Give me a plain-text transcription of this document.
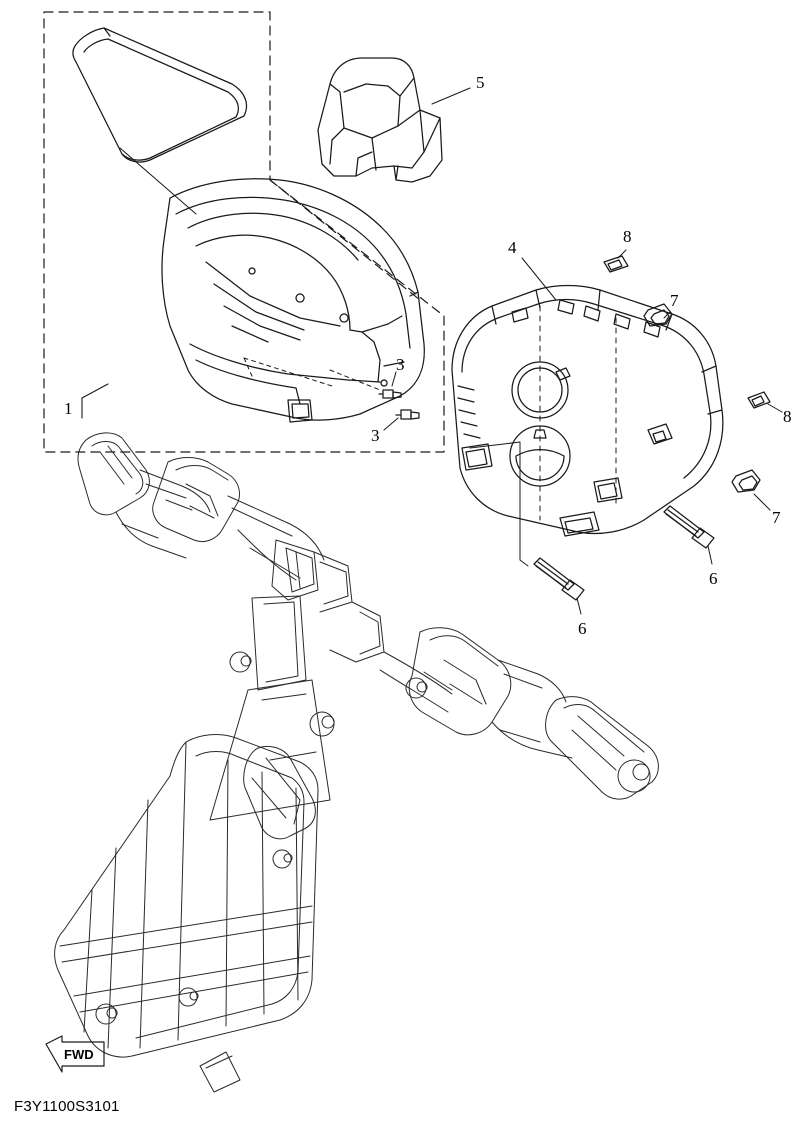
1
3
3
4
5
6
6
7
7
8
8
FWD
F3Y1100S3101
